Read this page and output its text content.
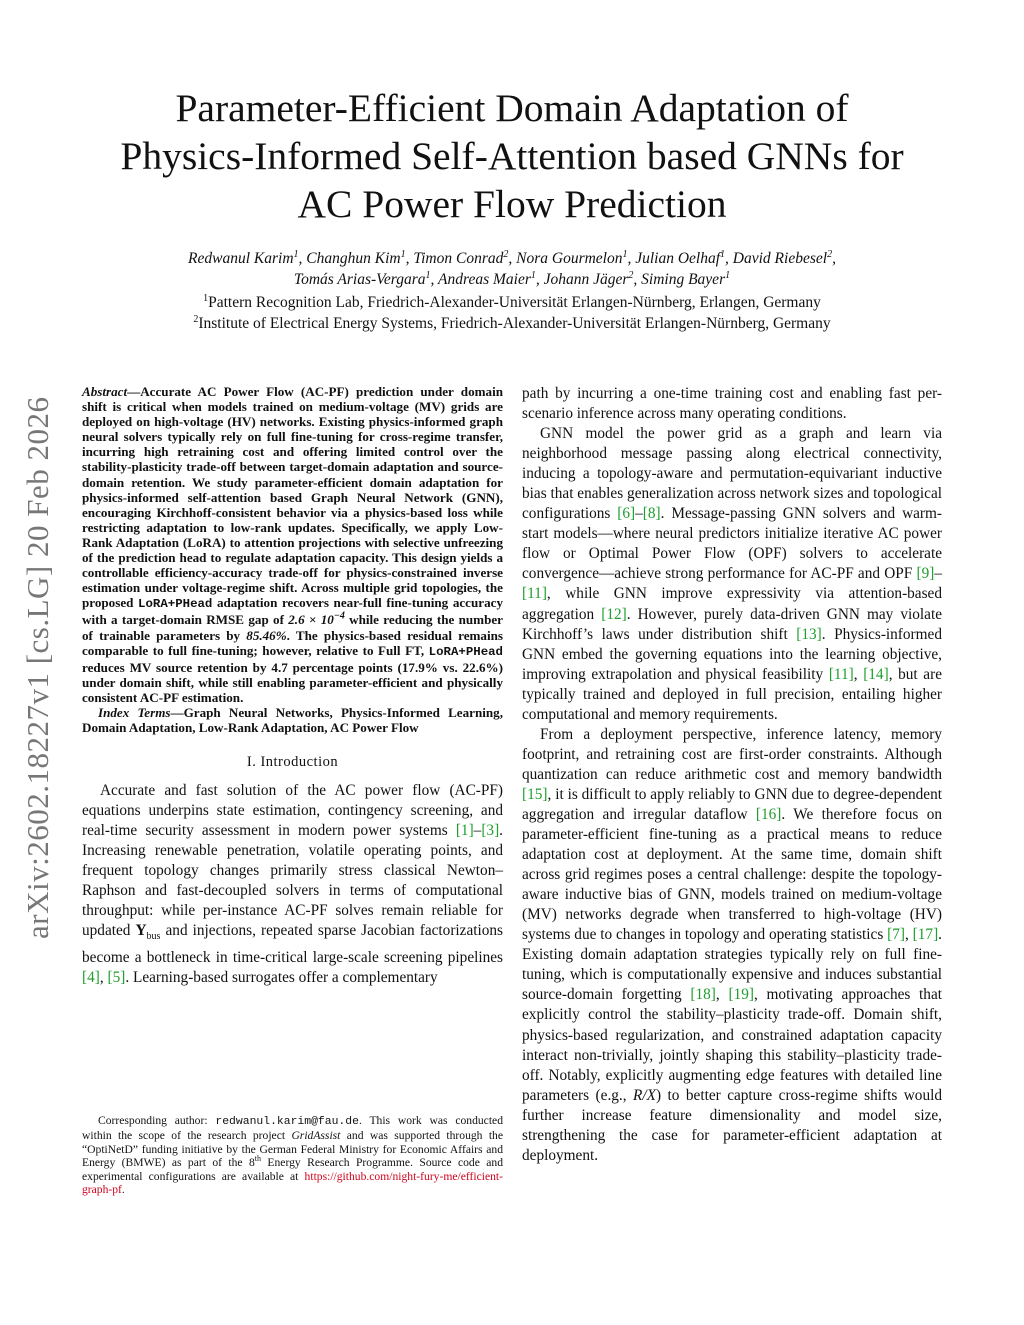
arXiv:2602.18227v1 [cs.LG] 20 Feb 2026
Parameter-Efficient Domain Adaptation of
Physics-Informed Self-Attention based GNNs for
AC Power Flow Prediction
Redwanul Karim$^1$, Changhun Kim$^1$, Timon Conrad$^2$, Nora Gourmelon$^1$, Julian Oelhaf$^1$, David Riebesel$^2$,
Tomás Arias-Vergara$^1$, Andreas Maier$^1$, Johann Jäger$^2$, Siming Bayer$^1$
$^1$Pattern Recognition Lab, Friedrich-Alexander-Universität Erlangen-Nürnberg, Erlangen, Germany
$^2$Institute of Electrical Energy Systems, Friedrich-Alexander-Universität Erlangen-Nürnberg, Germany

Abstract—Accurate AC Power Flow (AC-PF) prediction under domain shift is critical when models trained on medium-voltage (MV) grids are deployed on high-voltage (HV) networks. Existing physics-informed graph neural solvers typically rely on full fine-tuning for cross-regime transfer, incurring high retraining cost and offering limited control over the stability-plasticity trade-off between target-domain adaptation and source-domain retention. We study parameter-efficient domain adaptation for physics-informed self-attention based Graph Neural Network (GNN), encouraging Kirchhoff-consistent behavior via a physics-based loss while restricting adaptation to low-rank updates. Specifically, we apply Low-Rank Adaptation (LoRA) to attention projections with selective unfreezing of the prediction head to regulate adaptation capacity. This design yields a controllable efficiency-accuracy trade-off for physics-constrained inverse estimation under voltage-regime shift. Across multiple grid topologies, the proposed LoRA+PHead adaptation recovers near-full fine-tuning accuracy with a target-domain RMSE gap of $2.6 \times 10^{-4}$ while reducing the number of trainable parameters by 85.46%. The physics-based residual remains comparable to full fine-tuning; however, relative to Full FT, LoRA+PHead reduces MV source retention by 4.7 percentage points (17.9% vs. 22.6%) under domain shift, while still enabling parameter-efficient and physically consistent AC-PF estimation.

Index Terms—Graph Neural Networks, Physics-Informed Learning, Domain Adaptation, Low-Rank Adaptation, AC Power Flow

I. Introduction

Accurate and fast solution of the AC power flow (AC-PF) equations underpins state estimation, contingency screening, and real-time security assessment in modern power systems [1]–[3]. Increasing renewable penetration, volatile operating points, and frequent topology changes primarily stress classical Newton–Raphson and fast-decoupled solvers in terms of computational throughput: while per-instance AC-PF solves remain reliable for updated $Y_{bus}$ and injections, repeated sparse Jacobian factorizations become a bottleneck in time-critical large-scale screening pipelines [4], [5]. Learning-based surrogates offer a complementary

Corresponding author: redwanul.karim@fau.de. This work was conducted within the scope of the research project GridAssist and was supported through the “OptiNetD” funding initiative by the German Federal Ministry for Economic Affairs and Energy (BMWE) as part of the 8th Energy Research Programme. Source code and experimental configurations are available at https://github.com/night-fury-me/efficient-graph-pf.

path by incurring a one-time training cost and enabling fast per-scenario inference across many operating conditions.

GNN model the power grid as a graph and learn via neighborhood message passing along electrical connectivity, inducing a topology-aware and permutation-equivariant inductive bias that enables generalization across network sizes and topological configurations [6]–[8]. Message-passing GNN solvers and warm-start models—where neural predictors initialize iterative AC power flow or Optimal Power Flow (OPF) solvers to accelerate convergence—achieve strong performance for AC-PF and OPF [9]–[11], while GNN improve expressivity via attention-based aggregation [12]. However, purely data-driven GNN may violate Kirchhoff’s laws under distribution shift [13]. Physics-informed GNN embed the governing equations into the learning objective, improving extrapolation and physical feasibility [11], [14], but are typically trained and deployed in full precision, entailing higher computational and memory requirements.

From a deployment perspective, inference latency, memory footprint, and retraining cost are first-order constraints. Although quantization can reduce arithmetic cost and memory bandwidth [15], it is difficult to apply reliably to GNN due to degree-dependent aggregation and irregular dataflow [16]. We therefore focus on parameter-efficient fine-tuning as a practical means to reduce adaptation cost at deployment. At the same time, domain shift across grid regimes poses a central challenge: despite the topology-aware inductive bias of GNN, models trained on medium-voltage (MV) networks degrade when transferred to high-voltage (HV) systems due to changes in topology and operating statistics [7], [17]. Existing domain adaptation strategies typically rely on full fine-tuning, which is computationally expensive and induces substantial source-domain forgetting [18], [19], motivating approaches that explicitly control the stability–plasticity trade-off. Domain shift, physics-based regularization, and constrained adaptation capacity interact non-trivially, jointly shaping this stability–plasticity trade-off. Notably, explicitly augmenting edge features with detailed line parameters (e.g., R/X) to better capture cross-regime shifts would further increase feature dimensionality and model size, strengthening the case for parameter-efficient adaptation at deployment.
